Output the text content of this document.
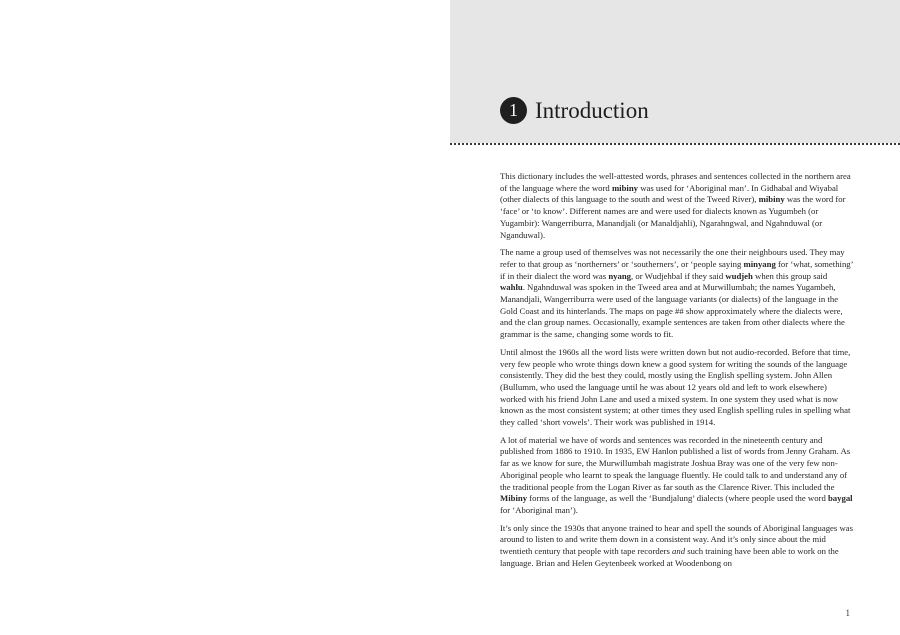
1 Introduction

This dictionary includes the well-attested words, phrases and sentences collected in the northern area of the language where the word mibiny was used for ‘Aboriginal man’. In Gidhabal and Wiyabal (other dialects of this language to the south and west of the Tweed River), mibiny was the word for ‘face’ or ‘to know’. Different names are and were used for dialects known as Yugumbeh (or Yugambir): Wangerriburra, Manandjali (or Manaldjahli), Ngarahngwal, and Ngahnduwal (or Nganduwal).

The name a group used of themselves was not necessarily the one their neighbours used. They may refer to that group as ‘northerners’ or ‘southerners’, or ‘people saying minyang for ‘what, something’ if in their dialect the word was nyang, or Wudjehbal if they said wudjeh when this group said wahlu. Ngahnduwal was spoken in the Tweed area and at Murwillumbah; the names Yugambeh, Manandjali, Wangerriburra were used of the language variants (or dialects) of the language in the Gold Coast and its hinterlands. The maps on page ## show approximately where the dialects were, and the clan group names. Occasionally, example sentences are taken from other dialects where the grammar is the same, changing some words to fit.

Until almost the 1960s all the word lists were written down but not audio-recorded. Before that time, very few people who wrote things down knew a good system for writing the sounds of the language consistently. They did the best they could, mostly using the English spelling system. John Allen (Bullumm, who used the language until he was about 12 years old and left to work elsewhere) worked with his friend John Lane and used a mixed system. In one system they used what is now known as the most consistent system; at other times they used English spelling rules in spelling what they called ‘short vowels’. Their work was published in 1914.

A lot of material we have of words and sentences was recorded in the nineteenth century and published from 1886 to 1910. In 1935, EW Hanlon published a list of words from Jenny Graham. As far as we know for sure, the Murwillumbah magistrate Joshua Bray was one of the very few non-Aboriginal people who learnt to speak the language fluently. He could talk to and understand any of the traditional people from the Logan River as far south as the Clarence River. This included the Mibiny forms of the language, as well the ‘Bundjalung’ dialects (where people used the word baygal for ‘Aboriginal man’).

It’s only since the 1930s that anyone trained to hear and spell the sounds of Aboriginal languages was around to listen to and write them down in a consistent way. And it’s only since about the mid twentieth century that people with tape recorders and such training have been able to work on the language. Brian and Helen Geytenbeek worked at Woodenbong on

1
